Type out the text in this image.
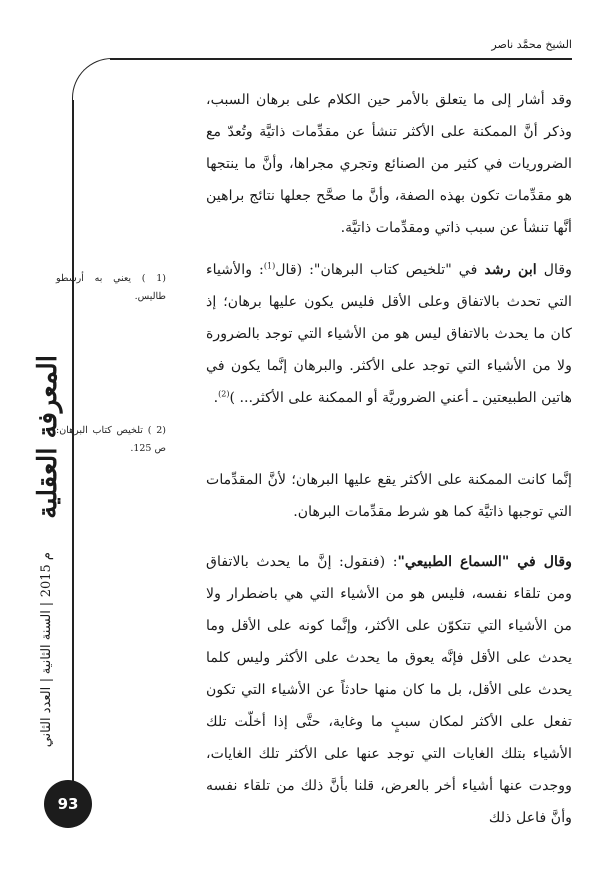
الشيخ محمَّد ناصر
المعرفة العقلية
العدد الثاني | السنة الثانية | 2015 م
93
(1 ) يعني به أرسطو طاليس.
(2 ) تلخيص كتاب البرهان: ص 125.

وقد أشار إلى ما يتعلق بالأمر حين الكلام على برهان السبب، وذكر أنَّ الممكنة على الأكثر تنشأ عن مقدِّمات ذاتيَّة وتُعدّ مع الضروريات في كثير من الصنائع وتجري مجراها، وأنَّ ما ينتجها هو مقدِّمات تكون بهذه الصفة، وأنَّ ما صحَّح جعلها نتائج براهين أنَّها تنشأ عن سبب ذاتي ومقدِّمات ذاتيَّة.

وقال ابن رشد في "تلخيص كتاب البرهان": (قال$^{(1)}$: والأشياء التي تحدث بالاتفاق وعلى الأقل فليس يكون عليها برهان؛ إذ كان ما يحدث بالاتفاق ليس هو من الأشياء التي توجد بالضرورة ولا من الأشياء التي توجد على الأكثر. والبرهان إنَّما يكون في هاتين الطبيعتين ـ أعني الضروريَّة أو الممكنة على الأكثر... )$^{(2)}$.

إنَّما كانت الممكنة على الأكثر يقع عليها البرهان؛ لأنَّ المقدِّمات التي توجبها ذاتيَّة كما هو شرط مقدِّمات البرهان.

وقال في "السماع الطبيعي": (فنقول: إنَّ ما يحدث بالاتفاق ومن تلقاء نفسه، فليس هو من الأشياء التي هي باضطرار ولا من الأشياء التي تتكوّن على الأكثر، وإنَّما كونه على الأقل وما يحدث على الأقل فإنَّه يعوق ما يحدث على الأكثر وليس كلما يحدث على الأقل، بل ما كان منها حادثاً عن الأشياء التي تكون تفعل على الأكثر لمكان سببٍ ما وغاية، حتَّى إذا أخلّت تلك الأشياء بتلك الغايات التي توجد عنها على الأكثر تلك الغايات، ووجدت عنها أشياء أخر بالعرض، قلنا بأنَّ ذلك من تلقاء نفسه وأنَّ فاعل ذلك
